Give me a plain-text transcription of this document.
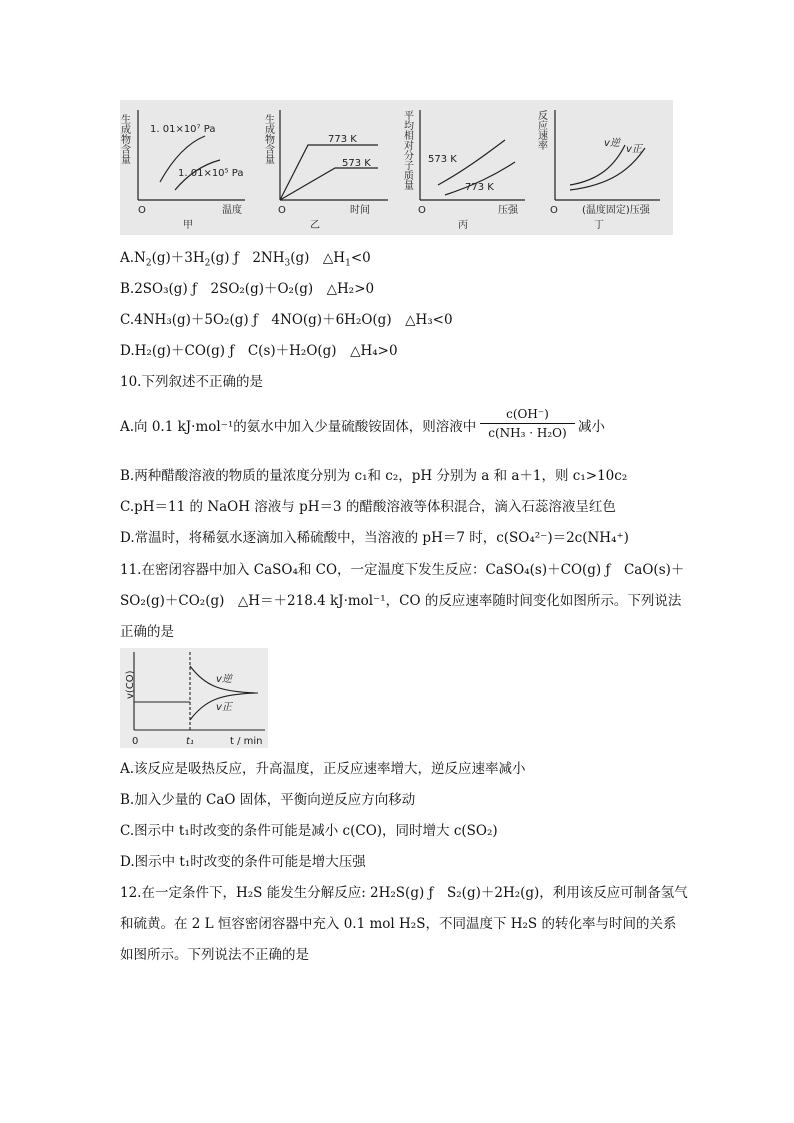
生成物含量 1. 01×10⁷ Pa
1. 01×10⁵ Pa
O	温度
甲
生成物含量	773 K
573 K
O	时间
乙
平均相对分子质量 573 K
773 K
O	压强
丙
反应速率	v逆
v正
O (温度固定)压强
丁
$A.N_2(g)+3H_2(g)$ ƒ　$2NH_3(g)$　$\triangle H_1<0$
B.2SO₃(g) ƒ　2SO₂(g)＋O₂(g)　△H₂>0
C.4NH₃(g)＋5O₂(g) ƒ　4NO(g)＋6H₂O(g)　△H₃<0
D.H₂(g)＋CO(g) ƒ　C(s)＋H₂O(g)　△H₄>0
10.下列叙述不正确的是
A.向 0.1 kJ·mol⁻¹的氨水中加入少量硫酸铵固体，则溶液中 $\frac{c(OH^-)}{\text{c(NH₃ · H₂O)}}$ 减小
B.两种醋酸溶液的物质的量浓度分别为 c₁和 c₂，pH 分别为 a 和 a＋1，则 c₁>10c₂
C.pH＝11 的 NaOH 溶液与 pH＝3 的醋酸溶液等体积混合，滴入石蕊溶液呈红色
D.常温时，将稀氨水逐滴加入稀硫酸中，当溶液的 pH＝7 时，c(SO₄²⁻)＝2c(NH₄⁺)
11.在密闭容器中加入 CaSO₄和 CO，一定温度下发生反应：CaSO₄(s)＋CO(g) ƒ　CaO(s)＋
SO₂(g)＋CO₂(g)　△H＝＋218.4 kJ·mol⁻¹，CO 的反应速率随时间变化如图所示。下列说法
正确的是
v(CO)	v逆
v正
0	t₁	t / min
A.该反应是吸热反应，升高温度，正反应速率增大，逆反应速率减小
B.加入少量的 CaO 固体，平衡向逆反应方向移动
C.图示中 t₁时改变的条件可能是减小 c(CO)，同时增大 c(SO₂)
D.图示中 t₁时改变的条件可能是增大压强
12.在一定条件下，H₂S 能发生分解反应: 2H₂S(g) ƒ　S₂(g)＋2H₂(g)，利用该反应可制备氢气
和硫黄。在 2 L 恒容密闭容器中充入 0.1 mol H₂S，不同温度下 H₂S 的转化率与时间的关系
如图所示。下列说法不正确的是
